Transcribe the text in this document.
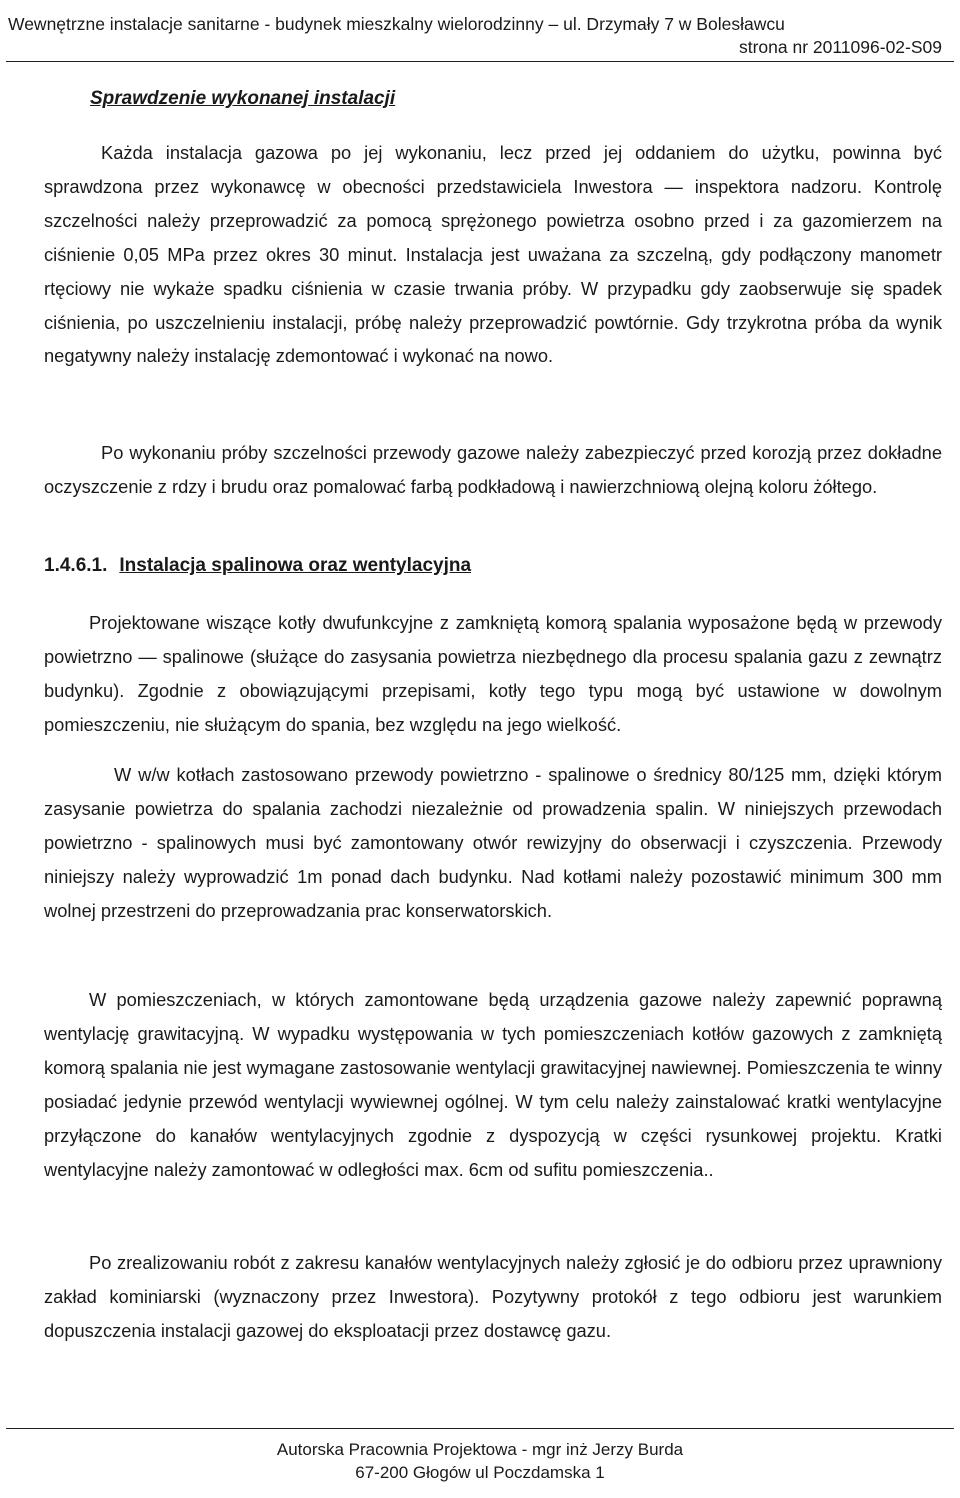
Wewnętrzne instalacje sanitarne - budynek mieszkalny wielorodzinny – ul. Drzymały 7 w Bolesławcu
strona nr 2011096-02-S09
Sprawdzenie wykonanej instalacji

Każda instalacja gazowa po jej wykonaniu, lecz przed jej oddaniem do użytku, powinna być sprawdzona przez wykonawcę w obecności przedstawiciela Inwestora — inspektora nadzoru. Kontrolę szczelności należy przeprowadzić za pomocą sprężonego powietrza osobno przed i za gazomierzem na ciśnienie 0,05 MPa przez okres 30 minut. Instalacja jest uważana za szczelną, gdy podłączony manometr rtęciowy nie wykaże spadku ciśnienia w czasie trwania próby. W przypadku gdy zaobserwuje się spadek ciśnienia, po uszczelnieniu instalacji, próbę należy przeprowadzić powtórnie. Gdy trzykrotna próba da wynik negatywny należy instalację zdemontować i wykonać na nowo.

Po wykonaniu próby szczelności przewody gazowe należy zabezpieczyć przed korozją przez dokładne oczyszczenie z rdzy i brudu oraz pomalować farbą podkładową i nawierzchniową olejną koloru żółtego.

1.4.6.1. Instalacja spalinowa oraz wentylacyjna

Projektowane wiszące kotły dwufunkcyjne z zamkniętą komorą spalania wyposażone będą w przewody powietrzno — spalinowe (służące do zasysania powietrza niezbędnego dla procesu spalania gazu z zewnątrz budynku). Zgodnie z obowiązującymi przepisami, kotły tego typu mogą być ustawione w dowolnym pomieszczeniu, nie służącym do spania, bez względu na jego wielkość.

W w/w kotłach zastosowano przewody powietrzno - spalinowe o średnicy 80/125 mm, dzięki którym zasysanie powietrza do spalania zachodzi niezależnie od prowadzenia spalin. W niniejszych przewodach powietrzno - spalinowych musi być zamontowany otwór rewizyjny do obserwacji i czyszczenia. Przewody niniejszy należy wyprowadzić 1m ponad dach budynku. Nad kotłami należy pozostawić minimum 300 mm wolnej przestrzeni do przeprowadzania prac konserwatorskich.

W pomieszczeniach, w których zamontowane będą urządzenia gazowe należy zapewnić poprawną wentylację grawitacyjną. W wypadku występowania w tych pomieszczeniach kotłów gazowych z zamkniętą komorą spalania nie jest wymagane zastosowanie wentylacji grawitacyjnej nawiewnej. Pomieszczenia te winny posiadać jedynie przewód wentylacji wywiewnej ogólnej. W tym celu należy zainstalować kratki wentylacyjne przyłączone do kanałów wentylacyjnych zgodnie z dyspozycją w części rysunkowej projektu. Kratki wentylacyjne należy zamontować w odległości max. 6cm od sufitu pomieszczenia..

Po zrealizowaniu robót z zakresu kanałów wentylacyjnych należy zgłosić je do odbioru przez uprawniony zakład kominiarski (wyznaczony przez Inwestora). Pozytywny protokół z tego odbioru jest warunkiem dopuszczenia instalacji gazowej do eksploatacji przez dostawcę gazu.

Autorska Pracownia Projektowa - mgr inż Jerzy Burda
67-200 Głogów ul Poczdamska 1
